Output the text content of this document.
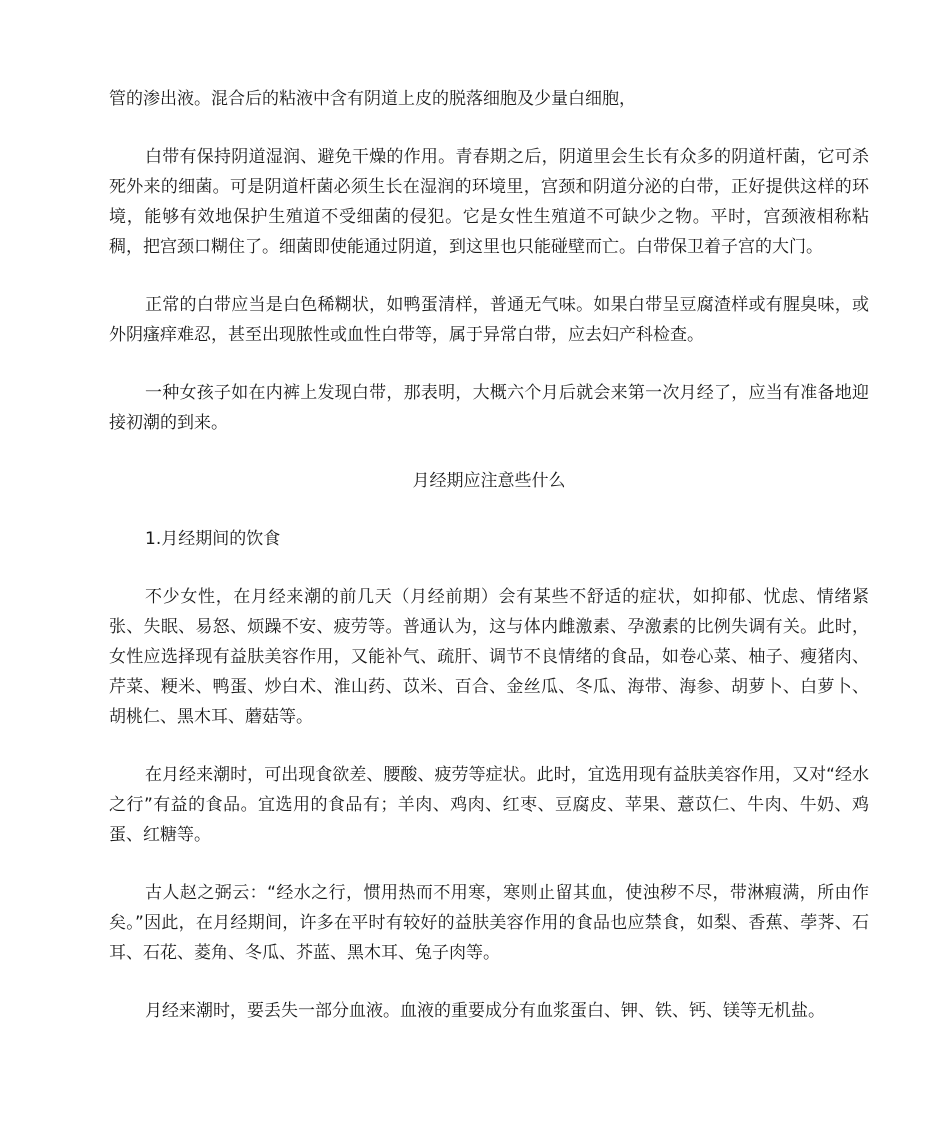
管的渗出液。混合后的粘液中含有阴道上皮的脱落细胞及少量白细胞，

白带有保持阴道湿润、避免干燥的作用。青春期之后，阴道里会生长有众多的阴道杆菌，它可杀死外来的细菌。可是阴道杆菌必须生长在湿润的环境里，宫颈和阴道分泌的白带，正好提供这样的环境，能够有效地保护生殖道不受细菌的侵犯。它是女性生殖道不可缺少之物。平时，宫颈液相称粘稠，把宫颈口糊住了。细菌即使能通过阴道，到这里也只能碰壁而亡。白带保卫着子宫的大门。

正常的白带应当是白色稀糊状，如鸭蛋清样，普通无气味。如果白带呈豆腐渣样或有腥臭味，或外阴瘙痒难忍，甚至出现脓性或血性白带等，属于异常白带，应去妇产科检查。

一种女孩子如在内裤上发现白带，那表明，大概六个月后就会来第一次月经了，应当有准备地迎接初潮的到来。

月经期应注意些什么
1.月经期间的饮食

不少女性，在月经来潮的前几天（月经前期）会有某些不舒适的症状，如抑郁、忧虑、情绪紧张、失眠、易怒、烦躁不安、疲劳等。普通认为，这与体内雌激素、孕激素的比例失调有关。此时，女性应选择现有益肤美容作用，又能补气、疏肝、调节不良情绪的食品，如卷心菜、柚子、瘦猪肉、芹菜、粳米、鸭蛋、炒白术、淮山药、苡米、百合、金丝瓜、冬瓜、海带、海参、胡萝卜、白萝卜、胡桃仁、黑木耳、蘑菇等。

在月经来潮时，可出现食欲差、腰酸、疲劳等症状。此时，宜选用现有益肤美容作用，又对“经水之行”有益的食品。宜选用的食品有；羊肉、鸡肉、红枣、豆腐皮、苹果、薏苡仁、牛肉、牛奶、鸡蛋、红糖等。

古人赵之弼云：“经水之行，惯用热而不用寒，寒则止留其血，使浊秽不尽，带淋瘕满，所由作矣。”因此，在月经期间，许多在平时有较好的益肤美容作用的食品也应禁食，如梨、香蕉、荸荠、石耳、石花、菱角、冬瓜、芥蓝、黑木耳、兔子肉等。

月经来潮时，要丢失一部分血液。血液的重要成分有血浆蛋白、钾、铁、钙、镁等无机盐。
